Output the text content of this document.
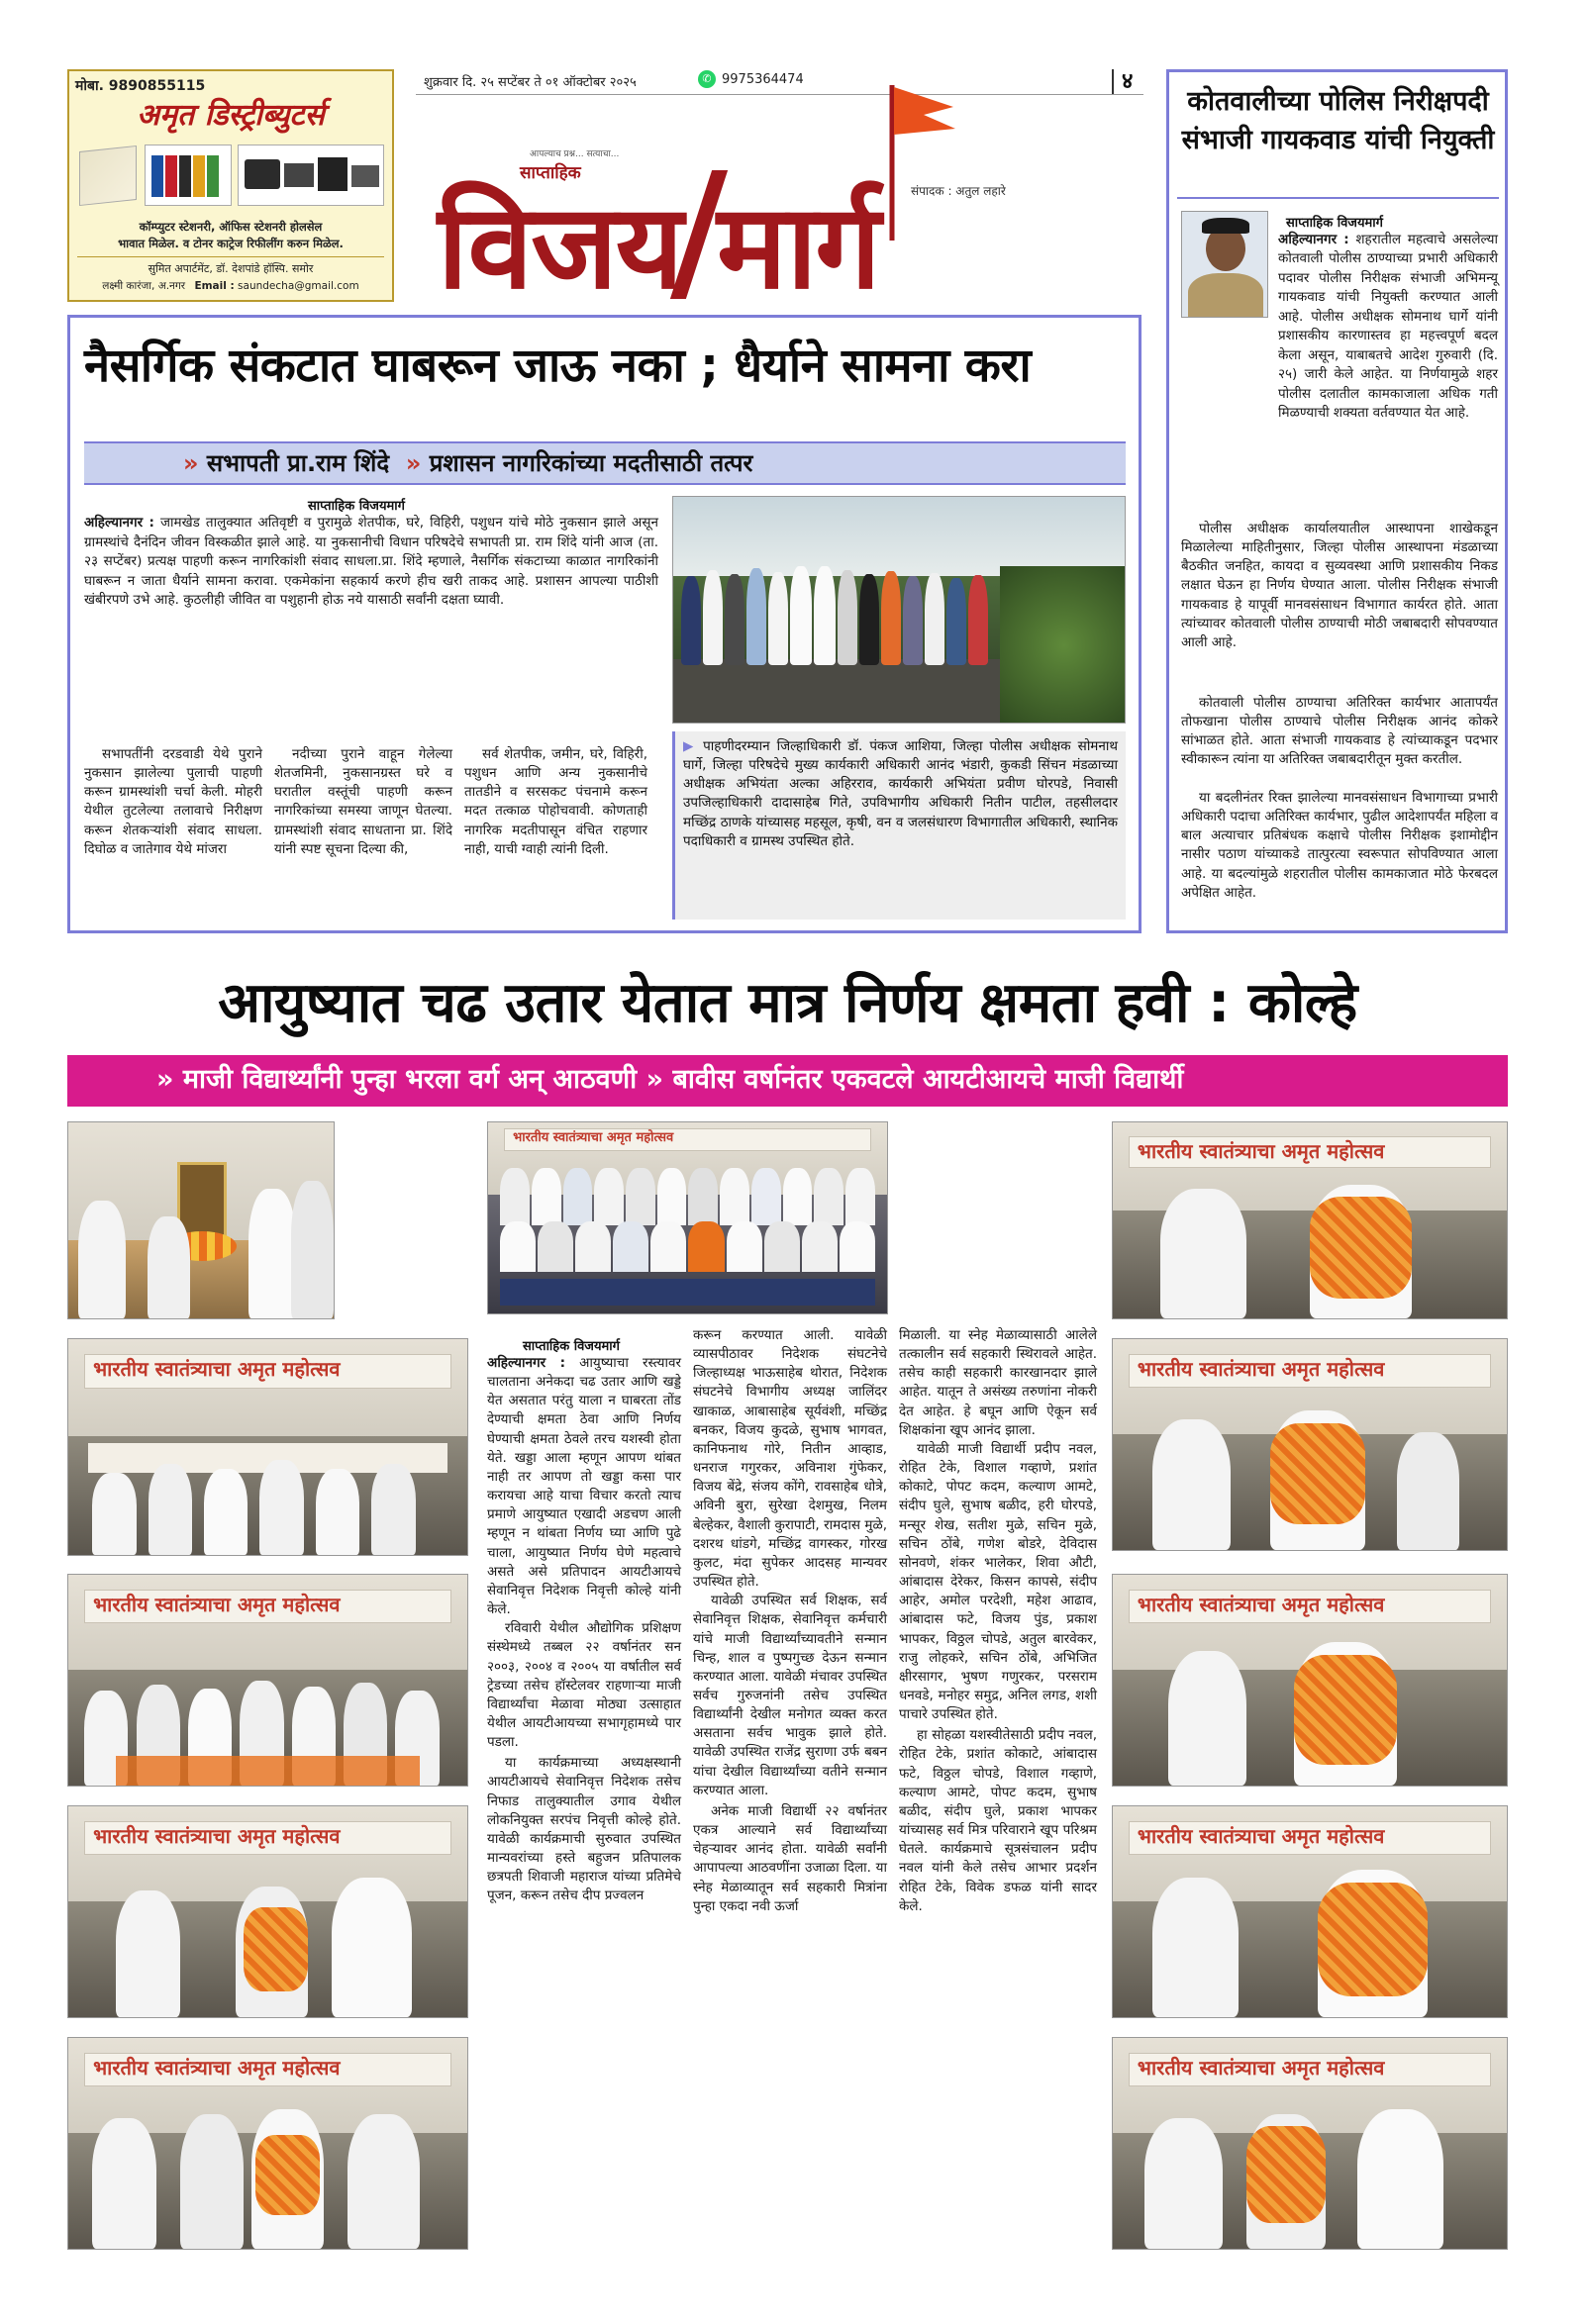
मोबा. 9890855115
अमृत डिस्ट्रीब्युटर्स
कॉम्प्युटर स्टेशनरी, ऑफिस स्टेशनरी होलसेल
भावात मिळेल. व टोनर काट्रेज रिफीलींग करुन मिळेल.
सुमित अपार्टमेंट, डॉ. देशपांडे हॉस्पि. समोर
लक्ष्मी कारंजा, अ.नगर Email : saundecha@gmail.com
शुक्रवार दि. २५ सप्टेंबर ते ०१ ऑक्टोबर २०२५	✆ 9975364474	४
आपल्याच प्रश्न... सत्याचा...
साप्ताहिक
संपादक : अतुल लहारे
विजय मार्ग
नैसर्गिक संकटात घाबरून जाऊ नका ; धैर्याने सामना करा
» सभापती प्रा.राम शिंदे » प्रशासन नागरिकांच्या मदतीसाठी तत्पर
साप्ताहिक विजयमार्ग
अहिल्यानगर : जामखेड तालुक्यात अतिवृष्टी व पुरामुळे शेतपीक, घरे, विहिरी, पशुधन यांचे मोठे नुकसान झाले असून ग्रामस्थांचे दैनंदिन जीवन विस्कळीत झाले आहे. या नुकसानीची विधान परिषदेचे सभापती प्रा. राम शिंदे यांनी आज (ता. २३ सप्टेंबर) प्रत्यक्ष पाहणी करून नागरिकांशी संवाद साधला.प्रा. शिंदे म्हणाले, नैसर्गिक संकटाच्या काळात नागरिकांनी घाबरून न जाता धैर्याने सामना करावा. एकमेकांना सहकार्य करणे हीच खरी ताकद आहे. प्रशासन आपल्या पाठीशी खंबीरपणे उभे आहे. कुठलीही जीवित वा पशुहानी होऊ नये यासाठी सर्वांनी दक्षता घ्यावी.
सभापतींनी दरडवाडी येथे पुराने नुकसान झालेल्या पुलाची पाहणी करून ग्रामस्थांशी चर्चा केली. मोहरी येथील तुटलेल्या तलावाचे निरीक्षण करून शेतकऱ्यांशी संवाद साधला. दिघोळ व जातेगाव येथे मांजरा
नदीच्या पुराने वाहून गेलेल्या शेतजमिनी, नुकसानग्रस्त घरे व घरातील वस्तूंची पाहणी करून नागरिकांच्या समस्या जाणून घेतल्या. ग्रामस्थांशी संवाद साधताना प्रा. शिंदे यांनी स्पष्ट सूचना दिल्या की,
सर्व शेतपीक, जमीन, घरे, विहिरी, पशुधन आणि अन्य नुकसानीचे तातडीने व सरसकट पंचनामे करून मदत तत्काळ पोहोचवावी. कोणताही नागरिक मदतीपासून वंचित राहणार नाही, याची ग्वाही त्यांनी दिली.
▶ पाहणीदरम्यान जिल्हाधिकारी डॉ. पंकज आशिया, जिल्हा पोलीस अधीक्षक सोमनाथ घार्गे, जिल्हा परिषदेचे मुख्य कार्यकारी अधिकारी आनंद भंडारी, कुकडी सिंचन मंडळाच्या अधीक्षक अभियंता अल्का अहिरराव, कार्यकारी अभियंता प्रवीण घोरपडे, निवासी उपजिल्हाधिकारी दादासाहेब गिते, उपविभागीय अधिकारी नितीन पाटील, तहसीलदार मच्छिंद्र ठाणके यांच्यासह महसूल, कृषी, वन व जलसंधारण विभागातील अधिकारी, स्थानिक पदाधिकारी व ग्रामस्थ उपस्थित होते.
कोतवालीच्या पोलिस निरीक्षपदी संभाजी गायकवाड यांची नियुक्ती
साप्ताहिक विजयमार्ग
अहिल्यानगर : शहरातील महत्वाचे असलेल्या कोतवाली पोलीस ठाण्याच्या प्रभारी अधिकारी पदावर पोलीस निरीक्षक संभाजी अभिमन्यू गायकवाड यांची नियुक्ती करण्यात आली आहे. पोलीस अधीक्षक सोमनाथ घार्गे यांनी प्रशासकीय कारणास्तव हा महत्त्वपूर्ण बदल केला असून, याबाबतचे आदेश गुरुवारी (दि. २५) जारी केले आहेत. या निर्णयामुळे शहर पोलीस दलातील कामकाजाला अधिक गती मिळण्याची शक्यता वर्तवण्यात येत आहे.
पोलीस अधीक्षक कार्यालयातील आस्थापना शाखेकडून मिळालेल्या माहितीनुसार, जिल्हा पोलीस आस्थापना मंडळाच्या बैठकीत जनहित, कायदा व सुव्यवस्था आणि प्रशासकीय निकड लक्षात घेऊन हा निर्णय घेण्यात आला. पोलीस निरीक्षक संभाजी गायकवाड हे यापूर्वी मानवसंसाधन विभागात कार्यरत होते. आता त्यांच्यावर कोतवाली पोलीस ठाण्याची मोठी जबाबदारी सोपवण्यात आली आहे.
कोतवाली पोलीस ठाण्याचा अतिरिक्त कार्यभार आतापर्यंत तोफखाना पोलीस ठाण्याचे पोलीस निरीक्षक आनंद कोकरे सांभाळत होते. आता संभाजी गायकवाड हे त्यांच्याकडून पदभार स्वीकारून त्यांना या अतिरिक्त जबाबदारीतून मुक्त करतील.
या बदलीनंतर रिक्त झालेल्या मानवसंसाधन विभागाच्या प्रभारी अधिकारी पदाचा अतिरिक्त कार्यभार, पुढील आदेशापर्यंत महिला व बाल अत्याचार प्रतिबंधक कक्षाचे पोलीस निरीक्षक इशामोद्दीन नासीर पठाण यांच्याकडे तात्पुरत्या स्वरूपात सोपविण्यात आला आहे. या बदल्यांमुळे शहरातील पोलीस कामकाजात मोठे फेरबदल अपेक्षित आहेत.
आयुष्यात चढ उतार येतात मात्र निर्णय क्षमता हवी : कोल्हे
» माजी विद्यार्थ्यांनी पुन्हा भरला वर्ग अन् आठवणी » बावीस वर्षानंतर एकवटले आयटीआयचे माजी विद्यार्थी
भारतीय स्वातंत्र्याचा अमृत महोत्सव
भारतीय स्वातंत्र्याचा अमृत महोत्सव
भारतीय स्वातंत्र्याचा अमृत महोत्सव
भारतीय स्वातंत्र्याचा अमृत महोत्सव
भारतीय स्वातंत्र्याचा अमृत महोत्सव
भारतीय स्वातंत्र्याचा अमृत महोत्सव
भारतीय स्वातंत्र्याचा अमृत महोत्सव
भारतीय स्वातंत्र्याचा अमृत महोत्सव
भारतीय स्वातंत्र्याचा अमृत महोत्सव
भारतीय स्वातंत्र्याचा अमृत महोत्सव
साप्ताहिक विजयमार्ग
अहिल्यानगर : आयुष्याचा रस्त्यावर चालताना अनेकदा चढ उतार आणि खड्डे येत असतात परंतु याला न घाबरता तोंड देण्याची क्षमता ठेवा आणि निर्णय घेण्याची क्षमता ठेवले तरच यशस्वी होता येते. खड्डा आला म्हणून आपण थांबत नाही तर आपण तो खड्डा कसा पार करायचा आहे याचा विचार करतो त्याच प्रमाणे आयुष्यात एखादी अडचण आली म्हणून न थांबता निर्णय घ्या आणि पुढे चाला, आयुष्यात निर्णय घेणे महत्वाचे असते असे प्रतिपादन आयटीआयचे सेवानिवृत्त निदेशक निवृत्ती कोल्हे यांनी केले.
रविवारी येथील औद्योगिक प्रशिक्षण संस्थेमध्ये तब्बल २२ वर्षानंतर सन २००३, २००४ व २००५ या वर्षातील सर्व ट्रेडच्या तसेच हॉस्टेलवर राहणाऱ्या माजी विद्यार्थ्यांचा मेळावा मोठ्या उत्साहात येथील आयटीआयच्या सभागृहामध्ये पार पडला.
या कार्यक्रमाच्या अध्यक्षस्थानी आयटीआयचे सेवानिवृत्त निदेशक तसेच निफाड तालुक्यातील उगाव येथील लोकनियुक्त सरपंच निवृत्ती कोल्हे होते. यावेळी कार्यक्रमाची सुरुवात उपस्थित मान्यवरांच्या हस्ते बहुजन प्रतिपालक छत्रपती शिवाजी महाराज यांच्या प्रतिमेचे पूजन, करून तसेच दीप प्रज्वलन
करून करण्यात आली. यावेळी व्यासपीठावर निदेशक संघटनेचे जिल्हाध्यक्ष भाऊसाहेब थोरात, निदेशक संघटनेचे विभागीय अध्यक्ष जालिंदर खाकाळ, आबासाहेब सूर्यवंशी, मच्छिंद्र बनकर, विजय कुदळे, सुभाष भागवत, कानिफनाथ गोरे, नितीन आव्हाड, धनराज गगुरकर, अविनाश गुंफेकर, विजय बेंद्रे, संजय कोंगे, रावसाहेब धोत्रे, अविनी बुरा, सुरेखा देशमुख, निलम बेल्हेकर, वैशाली कुरापाटी, रामदास मुळे, दशरथ धांडगे, मच्छिंद्र वागस्कर, गोरख कुलट, मंदा सुपेकर आदसह मान्यवर उपस्थित होते.
यावेळी उपस्थित सर्व शिक्षक, सर्व सेवानिवृत्त शिक्षक, सेवानिवृत्त कर्मचारी यांचे माजी विद्यार्थ्यांच्यावतीने सन्मान चिन्ह, शाल व पुष्पगुच्छ देऊन सन्मान करण्यात आला. यावेळी मंचावर उपस्थित सर्वच गुरुजनांनी तसेच उपस्थित विद्यार्थ्यांनी देखील मनोगत व्यक्त करत असताना सर्वच भावुक झाले होते. यावेळी उपस्थित राजेंद्र सुराणा उर्फ बबन यांचा देखील विद्यार्थ्यांच्या वतीने सन्मान करण्यात आला.
अनेक माजी विद्यार्थी २२ वर्षानंतर एकत्र आल्याने सर्व विद्यार्थ्यांच्या चेहऱ्यावर आनंद होता. यावेळी सर्वांनी आपापल्या आठवणींना उजाळा दिला. या स्नेह मेळाव्यातून सर्व सहकारी मित्रांना पुन्हा एकदा नवी ऊर्जा
मिळाली. या स्नेह मेळाव्यासाठी आलेले तत्कालीन सर्व सहकारी स्थिरावले आहेत. तसेच काही सहकारी कारखानदार झाले आहेत. यातून ते असंख्य तरुणांना नोकरी देत आहेत. हे बघून आणि ऐकून सर्व शिक्षकांना खूप आनंद झाला.
यावेळी माजी विद्यार्थी प्रदीप नवल, रोहित टेके, विशाल गव्हाणे, प्रशांत कोकाटे, पोपट कदम, कल्याण आमटे, संदीप घुले, सुभाष बळीद, हरी घोरपडे, मन्सूर शेख, सतीश मुळे, सचिन मुळे, सचिन ठोंबे, गणेश बोडरे, देविदास सोनवणे, शंकर भालेकर, शिवा औटी, आंबादास देरेकर, किसन कापसे, संदीप आहेर, अमोल परदेशी, महेश आढाव, आंबादास फटे, विजय पुंड, प्रकाश भापकर, विठ्ठल चोपडे, अतुल बारवेकर, राजु लोहकरे, सचिन ठोंबे, अभिजित क्षीरसागर, भुषण गणुरकर, परसराम धनवडे, मनोहर समुद्र, अनिल लगड, शशी पाचारे उपस्थित होते.
हा सोहळा यशस्वीतेसाठी प्रदीप नवल, रोहित टेके, प्रशांत कोकाटे, आंबादास फटे, विठ्ठल चोपडे, विशाल गव्हाणे, कल्याण आमटे, पोपट कदम, सुभाष बळीद, संदीप घुले, प्रकाश भापकर यांच्यासह सर्व मित्र परिवाराने खूप परिश्रम घेतले. कार्यक्रमाचे सूत्रसंचालन प्रदीप नवल यांनी केले तसेच आभार प्रदर्शन रोहित टेके, विवेक डफळ यांनी सादर केले.
